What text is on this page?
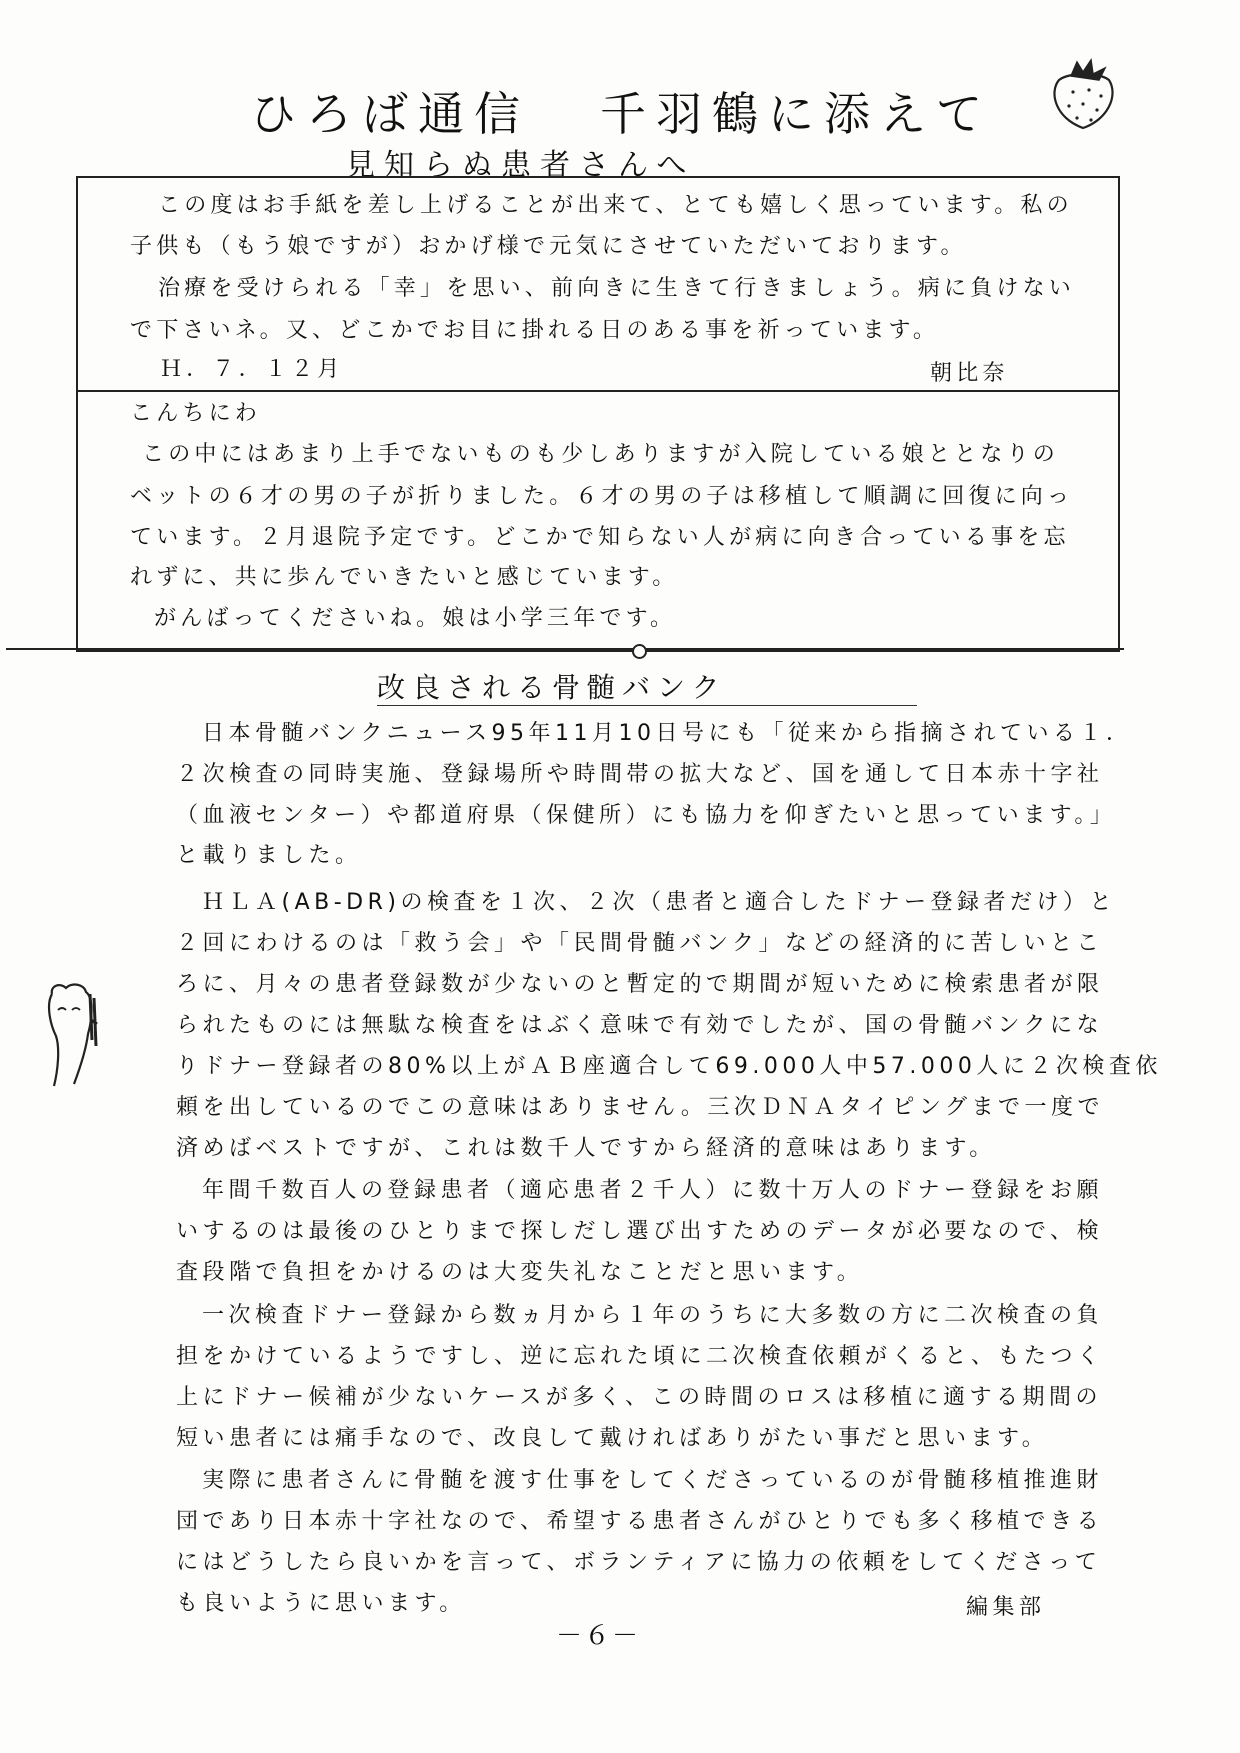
ひろば通信 千羽鶴に添えて
見知らぬ患者さんへ
この度はお手紙を差し上げることが出来て、とても嬉しく思っています。私の
子供も（もう娘ですが）おかげ様で元気にさせていただいております。
治療を受けられる「幸」を思い、前向きに生きて行きましょう。病に負けない
で下さいネ。又、どこかでお目に掛れる日のある事を祈っています。
Ｈ．７．１２月	朝比奈
こんちにわ
この中にはあまり上手でないものも少しありますが入院している娘ととなりの
ベットの６才の男の子が折りました。６才の男の子は移植して順調に回復に向っ
ています。２月退院予定です。どこかで知らない人が病に向き合っている事を忘
れずに、共に歩んでいきたいと感じています。
がんばってくださいね。娘は小学三年です。
改良される骨髄バンク
日本骨髄バンクニュース95年11月10日号にも「従来から指摘されている１．
２次検査の同時実施、登録場所や時間帯の拡大など、国を通して日本赤十字社
（血液センター）や都道府県（保健所）にも協力を仰ぎたいと思っています。」
と載りました。
ＨＬＡ(AB-DR)の検査を１次、２次（患者と適合したドナー登録者だけ）と
２回にわけるのは「救う会」や「民間骨髄バンク」などの経済的に苦しいとこ
ろに、月々の患者登録数が少ないのと暫定的で期間が短いために検索患者が限
られたものには無駄な検査をはぶく意味で有効でしたが、国の骨髄バンクにな
りドナー登録者の80%以上がＡＢ座適合して69.000人中57.000人に２次検査依
頼を出しているのでこの意味はありません。三次ＤＮＡタイピングまで一度で
済めばベストですが、これは数千人ですから経済的意味はあります。
年間千数百人の登録患者（適応患者２千人）に数十万人のドナー登録をお願
いするのは最後のひとりまで探しだし選び出すためのデータが必要なので、検
査段階で負担をかけるのは大変失礼なことだと思います。
一次検査ドナー登録から数ヵ月から１年のうちに大多数の方に二次検査の負
担をかけているようですし、逆に忘れた頃に二次検査依頼がくると、もたつく
上にドナー候補が少ないケースが多く、この時間のロスは移植に適する期間の
短い患者には痛手なので、改良して戴ければありがたい事だと思います。
実際に患者さんに骨髄を渡す仕事をしてくださっているのが骨髄移植推進財
団であり日本赤十字社なので、希望する患者さんがひとりでも多く移植できる
にはどうしたら良いかを言って、ボランティアに協力の依頼をしてくださって
も良いように思います。	編集部
－６－
